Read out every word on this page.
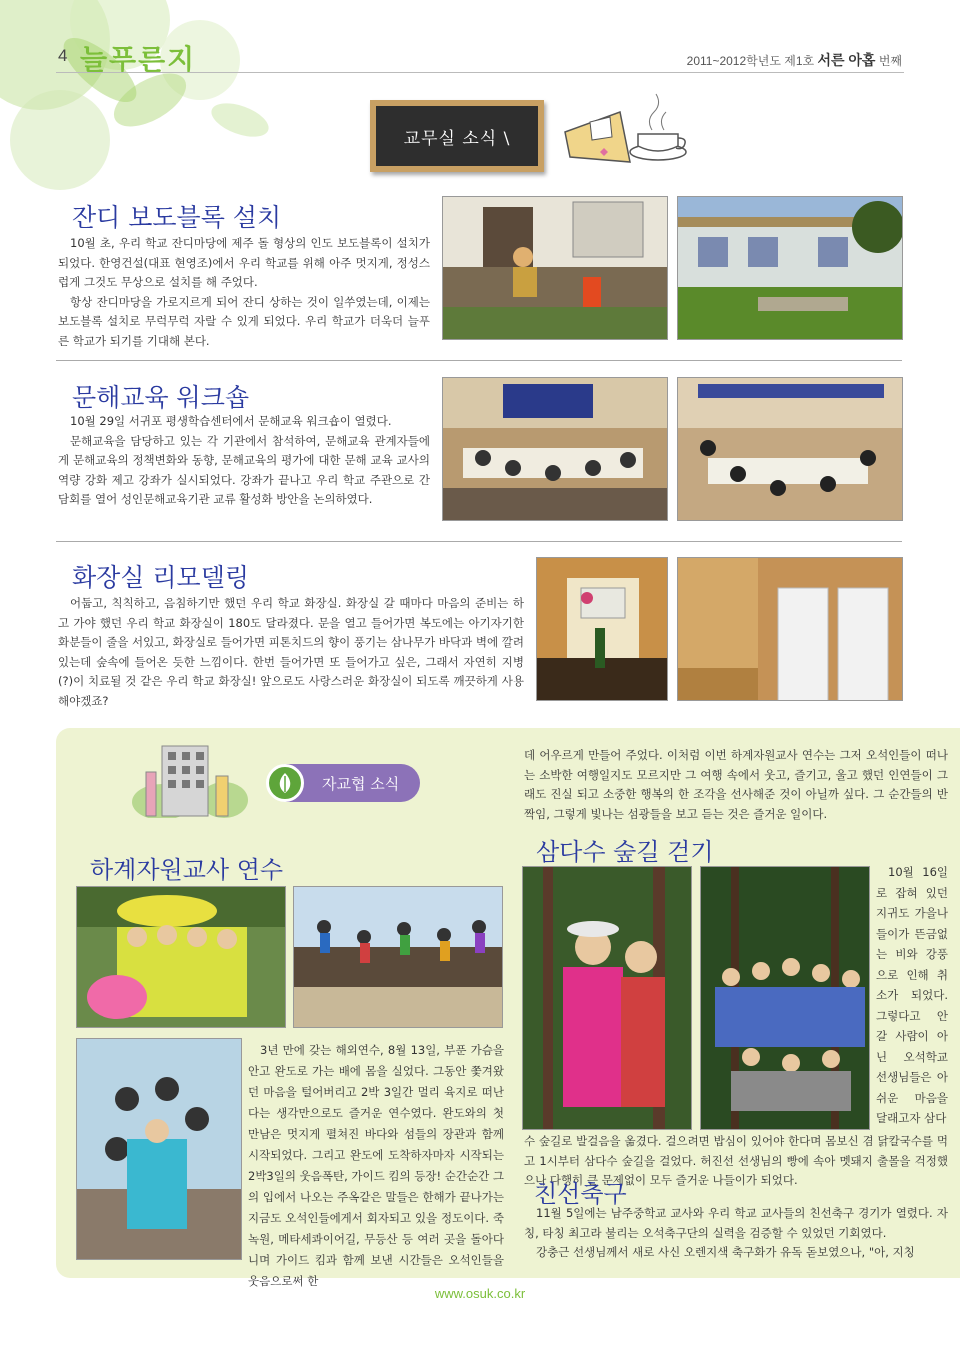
4 늘푸른지	2011~2012학년도 제1호 서른 아홉 번째
교무실 소식 \
잔디 보도블록 설치

10월 초, 우리 학교 잔디마당에 제주 돌 형상의 인도 보도블록이 설치가 되었다. 한영건설(대표 현영조)에서 우리 학교를 위해 아주 멋지게, 정성스럽게 그것도 무상으로 설치를 해 주었다.

항상 잔디마당을 가로지르게 되어 잔디 상하는 것이 일쑤였는데, 이제는 보도블록 설치로 무럭무럭 자랄 수 있게 되었다. 우리 학교가 더욱더 늘푸른 학교가 되기를 기대해 본다.

문해교육 워크숍

10월 29일 서귀포 평생학습센터에서 문해교육 워크숍이 열렸다.

문해교육을 담당하고 있는 각 기관에서 참석하여, 문해교육 관계자들에게 문해교육의 정책변화와 동향, 문해교육의 평가에 대한 문해 교육 교사의 역량 강화 제고 강좌가 실시되었다. 강좌가 끝나고 우리 학교 주관으로 간담회를 열어 성인문해교육기관 교류 활성화 방안을 논의하였다.

화장실 리모델링

어둡고, 칙칙하고, 음침하기만 했던 우리 학교 화장실. 화장실 갈 때마다 마음의 준비는 하고 가야 했던 우리 학교 화장실이 180도 달라졌다. 문을 열고 들어가면 복도에는 아기자기한 화분들이 줄을 서있고, 화장실로 들어가면 피톤치드의 향이 풍기는 삼나무가 바닥과 벽에 깔려있는데 숲속에 들어온 듯한 느낌이다. 한번 들어가면 또 들어가고 싶은, 그래서 자연히 지병(?)이 치료될 것 같은 우리 학교 화장실! 앞으로도 사랑스러운 화장실이 되도록 깨끗하게 사용해야겠죠?

자교협 소식
하계자원교사 연수

3년 만에 갖는 해외연수, 8월 13일, 부푼 가슴을 안고 완도로 가는 배에 몸을 실었다. 그동안 쫓겨왔던 마음을 털어버리고 2박 3일간 멀리 육지로 떠난다는 생각만으로도 즐거운 연수였다. 완도와의 첫 만남은 멋지게 펼쳐진 바다와 섬들의 장관과 함께 시작되었다. 그리고 완도에 도착하자마자 시작되는 2박3일의 웃음폭탄, 가이드 킴의 등장! 순간순간 그의 입에서 나오는 주옥같은 말들은 한해가 끝나가는 지금도 오석인들에게서 회자되고 있을 정도이다. 죽녹원, 메타세콰이어길, 무등산 등 여러 곳을 돌아다니며 가이드 킴과 함께 보낸 시간들은 오석인들을 웃음으로써 한

데 어우르게 만들어 주었다. 이처럼 이번 하계자원교사 연수는 그저 오석인들이 떠나는 소박한 여행일지도 모르지만 그 여행 속에서 웃고, 즐기고, 울고 했던 인연들이 그래도 진실 되고 소중한 행복의 한 조각을 선사해준 것이 아닐까 싶다. 그 순간들의 반짝임, 그렇게 빛나는 섬광들을 보고 듣는 것은 즐거운 일이다.

삼다수 숲길 걷기

10월 16일로 잡혀 있던 지귀도 가을나들이가 뜬금없는 비와 강풍으로 인해 취소가 되었다. 그렇다고 안 갈 사람이 아닌 오석학교 선생님들은 아쉬운 마음을 달래고자 삼다

수 숲길로 발걸음을 옮겼다. 걸으려면 밥심이 있어야 한다며 몸보신 겸 닭칼국수를 먹고 1시부터 삼다수 숲길을 걸었다. 허진선 선생님의 빵에 속아 멧돼지 출몰을 걱정했으나 다행히 큰 문제없이 모두 즐거운 나들이가 되었다.

친선축구

11월 5일에는 남주중학교 교사와 우리 학교 교사들의 친선축구 경기가 열렸다. 자칭, 타칭 최고라 불리는 오석축구단의 실력을 검증할 수 있었던 기회였다.

강충근 선생님께서 새로 사신 오렌지색 축구화가 유독 돋보였으나, "아, 지칭

www.osuk.co.kr
